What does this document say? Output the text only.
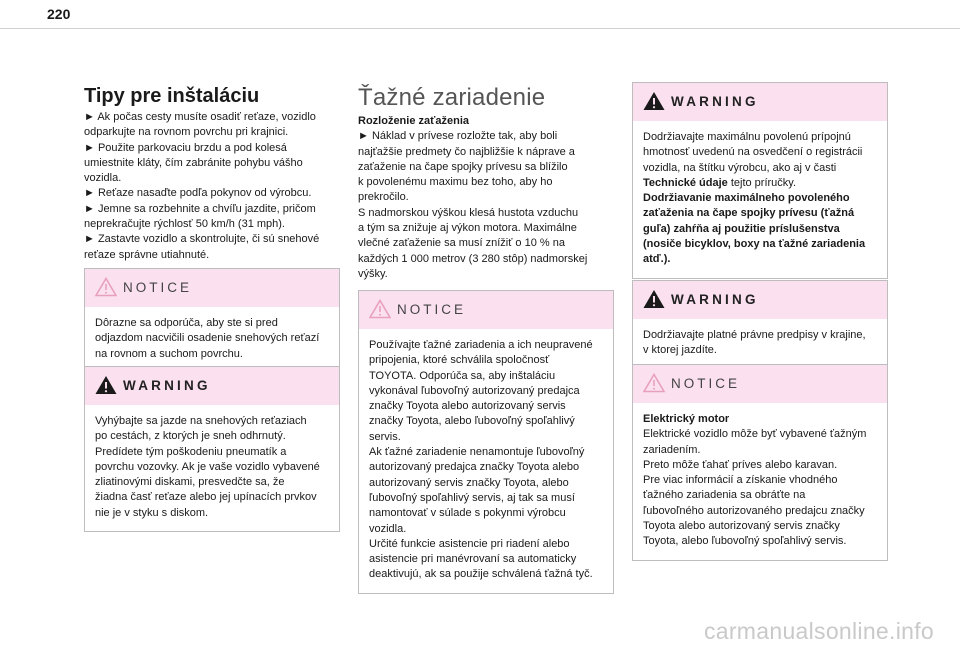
220
Tipy pre inštaláciu
► Ak počas cesty musíte osadiť reťaze, vozidlo
odparkujte na rovnom povrchu pri krajnici.
► Použite parkovaciu brzdu a pod kolesá
umiestnite kláty, čím zabránite pohybu vášho
vozidla.
► Reťaze nasaďte podľa pokynov od výrobcu.
► Jemne sa rozbehnite a chvíľu jazdite, pričom
neprekračujte rýchlosť 50 km/h (31 mph).
► Zastavte vozidlo a skontrolujte, či sú snehové
reťaze správne utiahnuté.
NOTICE
Dôrazne sa odporúča, aby ste si pred
odjazdom nacvičili osadenie snehových reťazí
na rovnom a suchom povrchu.
WARNING
Vyhýbajte sa jazde na snehových reťaziach
po cestách, z ktorých je sneh odhrnutý.
Predídete tým poškodeniu pneumatík a
povrchu vozovky. Ak je vaše vozidlo vybavené
zliatinovými diskami, presvedčte sa, že
žiadna časť reťaze alebo jej upínacích prvkov
nie je v styku s diskom.
Ťažné zariadenie
Rozloženie zaťaženia
► Náklad v prívese rozložte tak, aby boli
najťažšie predmety čo najbližšie k náprave a
zaťaženie na čape spojky prívesu sa blížilo
k povolenému maximu bez toho, aby ho
prekročilo.
S nadmorskou výškou klesá hustota vzduchu
a tým sa znižuje aj výkon motora. Maximálne
vlečné zaťaženie sa musí znížiť o 10 % na
každých 1 000 metrov (3 280 stôp) nadmorskej
výšky.
NOTICE
Používajte ťažné zariadenia a ich neupravené
pripojenia, ktoré schválila spoločnosť
TOYOTA. Odporúča sa, aby inštaláciu
vykonával ľubovoľný autorizovaný predajca
značky Toyota alebo autorizovaný servis
značky Toyota, alebo ľubovoľný spoľahlivý
servis.
Ak ťažné zariadenie nenamontuje ľubovoľný
autorizovaný predajca značky Toyota alebo
autorizovaný servis značky Toyota, alebo
ľubovoľný spoľahlivý servis, aj tak sa musí
namontovať v súlade s pokynmi výrobcu
vozidla.
Určité funkcie asistencie pri riadení alebo
asistencie pri manévrovaní sa automaticky
deaktivujú, ak sa použije schválená ťažná tyč.
WARNING
Dodržiavajte maximálnu povolenú prípojnú
hmotnosť uvedenú na osvedčení o registrácii
vozidla, na štítku výrobcu, ako aj v časti
Technické údaje tejto príručky.
Dodržiavanie maximálneho povoleného
zaťaženia na čape spojky prívesu (ťažná
guľa) zahŕňa aj použitie príslušenstva
(nosiče bicyklov, boxy na ťažné zariadenia
atď.).
WARNING
Dodržiavajte platné právne predpisy v krajine,
v ktorej jazdíte.
NOTICE
Elektrický motor
Elektrické vozidlo môže byť vybavené ťažným
zariadením.
Preto môže ťahať príves alebo karavan.
Pre viac informácií a získanie vhodného
ťažného zariadenia sa obráťte na
ľubovoľného autorizovaného predajcu značky
Toyota alebo autorizovaný servis značky
Toyota, alebo ľubovoľný spoľahlivý servis.
carmanualsonline.info
